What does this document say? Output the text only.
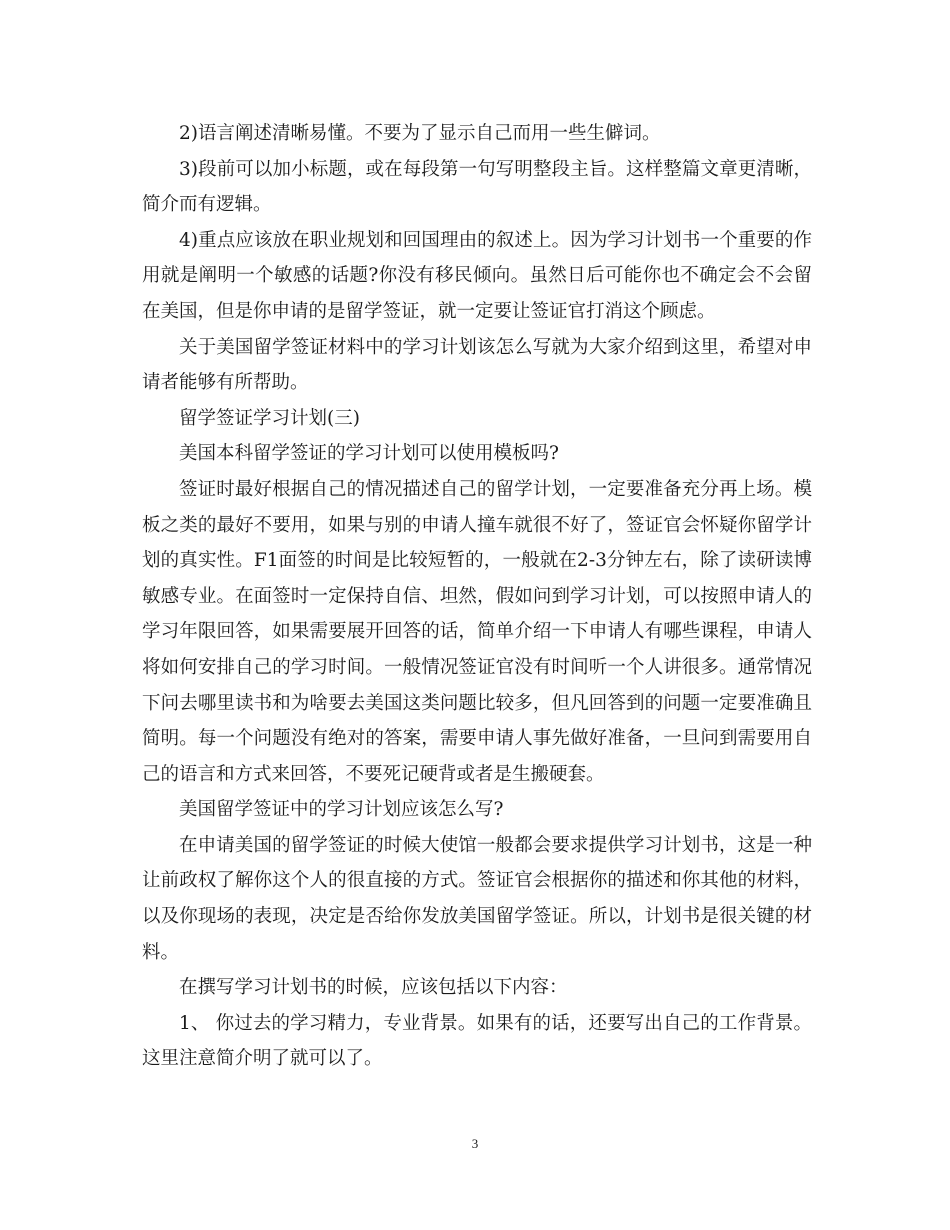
2)语言阐述清晰易懂。不要为了显示自己而用一些生僻词。

3)段前可以加小标题，或在每段第一句写明整段主旨。这样整篇文章更清晰，简介而有逻辑。

4)重点应该放在职业规划和回国理由的叙述上。因为学习计划书一个重要的作用就是阐明一个敏感的话题?你没有移民倾向。虽然日后可能你也不确定会不会留在美国，但是你申请的是留学签证，就一定要让签证官打消这个顾虑。

关于美国留学签证材料中的学习计划该怎么写就为大家介绍到这里，希望对申请者能够有所帮助。

留学签证学习计划(三)

美国本科留学签证的学习计划可以使用模板吗?

签证时最好根据自己的情况描述自己的留学计划，一定要准备充分再上场。模板之类的最好不要用，如果与别的申请人撞车就很不好了，签证官会怀疑你留学计划的真实性。F1面签的时间是比较短暂的，一般就在2-3分钟左右，除了读研读博敏感专业。在面签时一定保持自信、坦然，假如问到学习计划，可以按照申请人的学习年限回答，如果需要展开回答的话，简单介绍一下申请人有哪些课程，申请人将如何安排自己的学习时间。一般情况签证官没有时间听一个人讲很多。通常情况下问去哪里读书和为啥要去美国这类问题比较多，但凡回答到的问题一定要准确且简明。每一个问题没有绝对的答案，需要申请人事先做好准备，一旦问到需要用自己的语言和方式来回答，不要死记硬背或者是生搬硬套。

美国留学签证中的学习计划应该怎么写?

在申请美国的留学签证的时候大使馆一般都会要求提供学习计划书，这是一种让前政权了解你这个人的很直接的方式。签证官会根据你的描述和你其他的材料，以及你现场的表现，决定是否给你发放美国留学签证。所以，计划书是很关键的材料。

在撰写学习计划书的时候，应该包括以下内容：

1、 你过去的学习精力，专业背景。如果有的话，还要写出自己的工作背景。这里注意简介明了就可以了。

3
